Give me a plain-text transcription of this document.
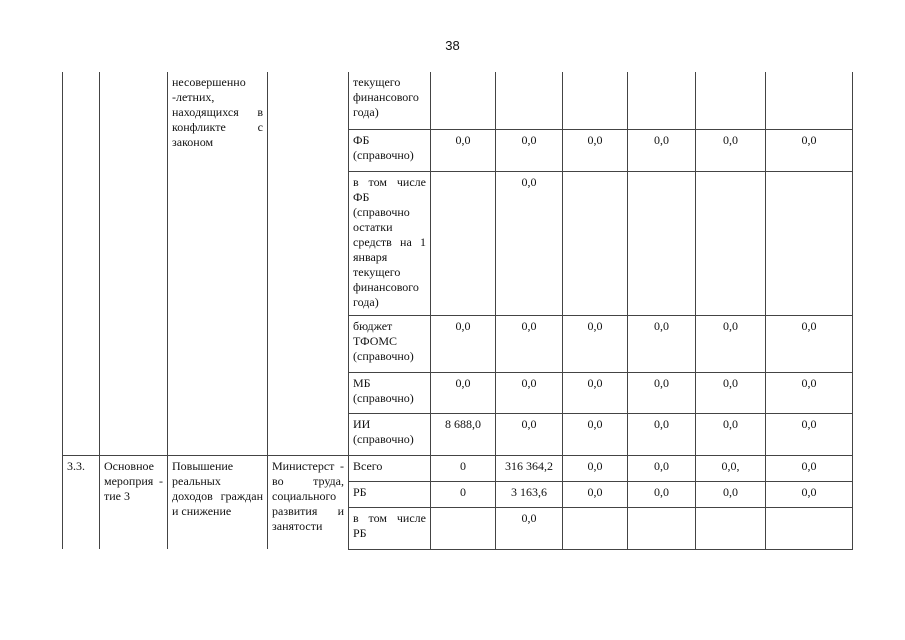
38

		несовершенно -летних, находящихся в конфликте с законом		текущего финансового года)						
				ФБ (справочно)	0,0	0,0	0,0	0,0	0,0	0,0

				в том числе ФБ (справочно остатки средств на 1 января текущего финансового года)		0,0				
				бюджет ТФОМС (справочно)	0,0	0,0	0,0	0,0	0,0	0,0
				МБ (справочно)	0,0	0,0	0,0	0,0	0,0	0,0
				ИИ (справочно)	8 688,0	0,0	0,0	0,0	0,0	0,0
3.3.	Основное мероприя - тие 3	Повышение реальных доходов граждан и снижение	Министерст - во труда, социального развития и занятости	Всего	0	316 364,2	0,0	0,0	0,0,	0,0
				РБ	0	3 163,6	0,0	0,0	0,0	0,0

				в том числе РБ		0,0				
